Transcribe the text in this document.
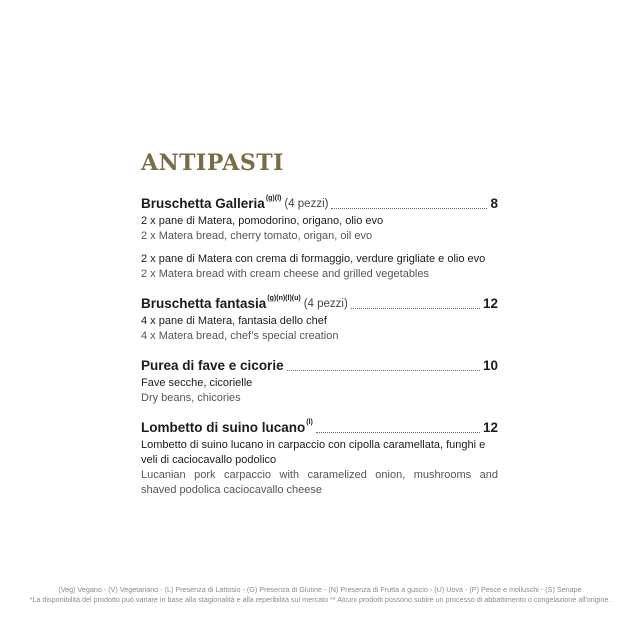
ANTIPASTI
Bruschetta Galleria (g)(l) (4 pezzi)	8
2 x pane di Matera, pomodorino, origano, olio evo
2 x Matera bread, cherry tomato, origan, oil evo
2 x pane di Matera con crema di formaggio, verdure grigliate e olio evo
2 x Matera bread with cream cheese and grilled vegetables
Bruschetta fantasia (g)(n)(l)(u) (4 pezzi)	12
4 x pane di Matera, fantasia dello chef
4 x Matera bread, chef’s special creation
Purea di fave e cicorie	10
Fave secche, cicorielle
Dry beans, chicories
Lombetto di suino lucano (l)	12
Lombetto di suino lucano in carpaccio con cipolla caramellata, funghi e veli di caciocavallo podolico
Lucanian pork carpaccio with caramelized onion, mushrooms and shaved podolica caciocavallo cheese
(Veg) Vegano - (V) Vegetariano - (L) Presenza di Lattosio - (G) Presenza di Glutine - (N) Presenza di Frutta a guscio - (U) Uova - (P) Pesce e molluschi - (S) Senape
*La disponibilità del prodotto può variare in base alla stagionalità e alla reperibilità sul mercato ** Alcuni prodotti possono subire un processo di abbattimento o congelazione all'origine.
